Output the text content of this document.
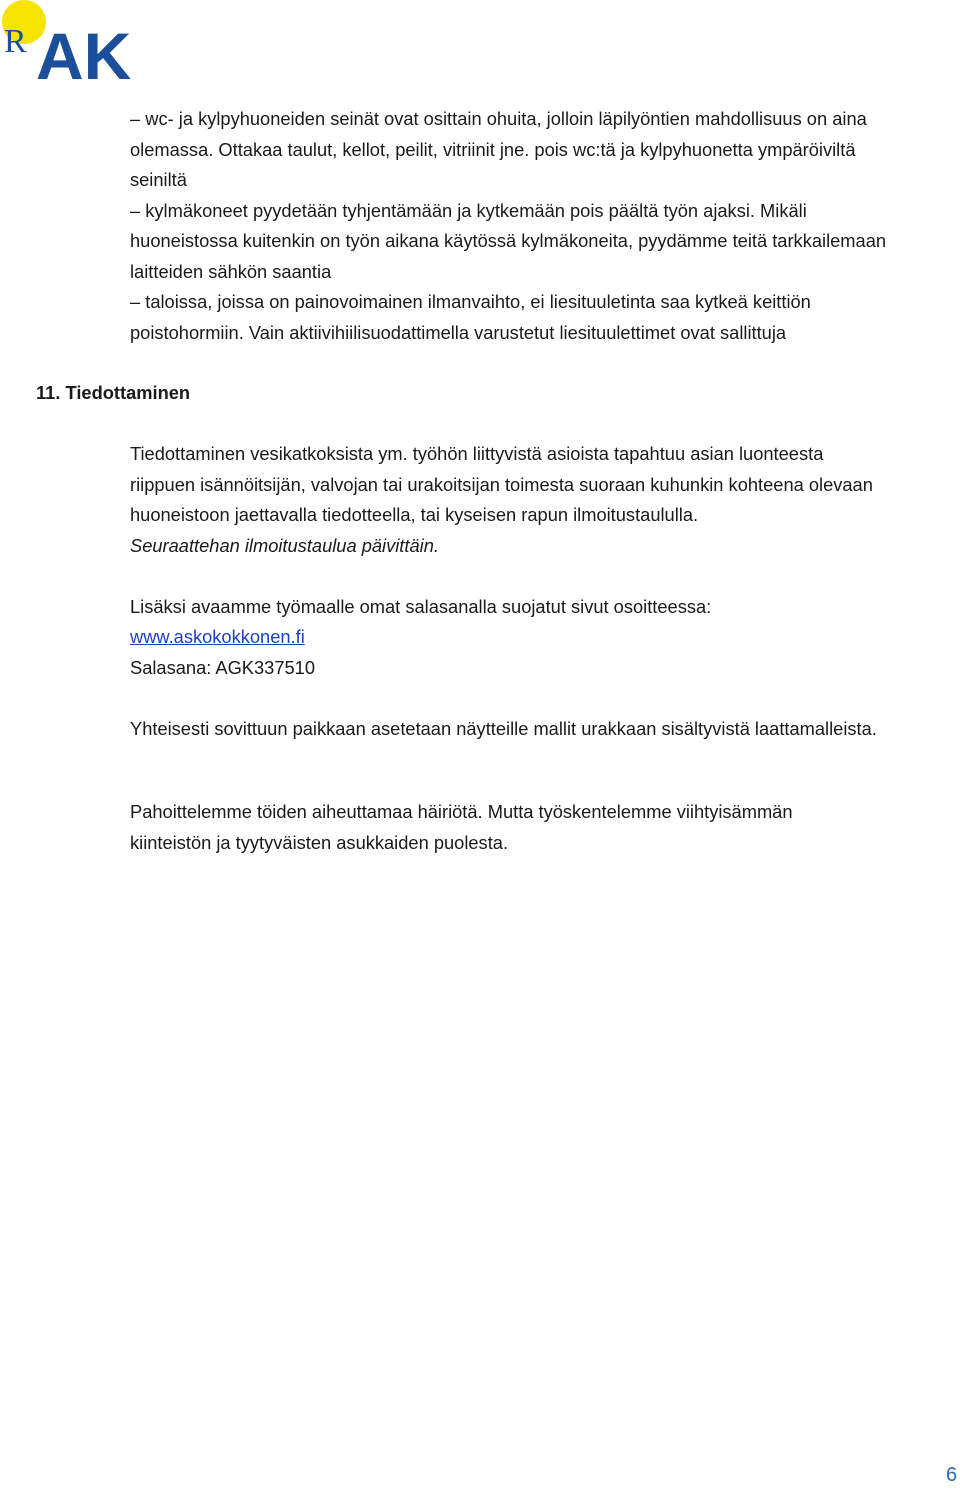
R AK

– wc- ja kylpyhuoneiden seinät ovat osittain ohuita, jolloin läpilyöntien mahdollisuus on aina

olemassa. Ottakaa taulut, kellot, peilit, vitriinit jne. pois wc:tä ja kylpyhuonetta ympäröiviltä

seiniltä

– kylmäkoneet pyydetään tyhjentämään ja kytkemään pois päältä työn ajaksi. Mikäli

huoneistossa kuitenkin on työn aikana käytössä kylmäkoneita, pyydämme teitä tarkkailemaan

laitteiden sähkön saantia

– taloissa, joissa on painovoimainen ilmanvaihto, ei liesituuletinta saa kytkeä keittiön

poistohormiin. Vain aktiivihiilisuodattimella varustetut liesituulettimet ovat sallittuja

11. Tiedottaminen

Tiedottaminen vesikatkoksista ym. työhön liittyvistä asioista tapahtuu asian luonteesta

riippuen isännöitsijän, valvojan tai urakoitsijan toimesta suoraan kuhunkin kohteena olevaan

huoneistoon jaettavalla tiedotteella, tai kyseisen rapun ilmoitustaululla.

Seuraattehan ilmoitustaulua päivittäin.

Lisäksi avaamme työmaalle omat salasanalla suojatut sivut osoitteessa:

www.askokokkonen.fi

Salasana: AGK337510

Yhteisesti sovittuun paikkaan asetetaan näytteille mallit urakkaan sisältyvistä laattamalleista.

Pahoittelemme töiden aiheuttamaa häiriötä. Mutta työskentelemme viihtyisämmän

kiinteistön ja tyytyväisten asukkaiden puolesta.

6
